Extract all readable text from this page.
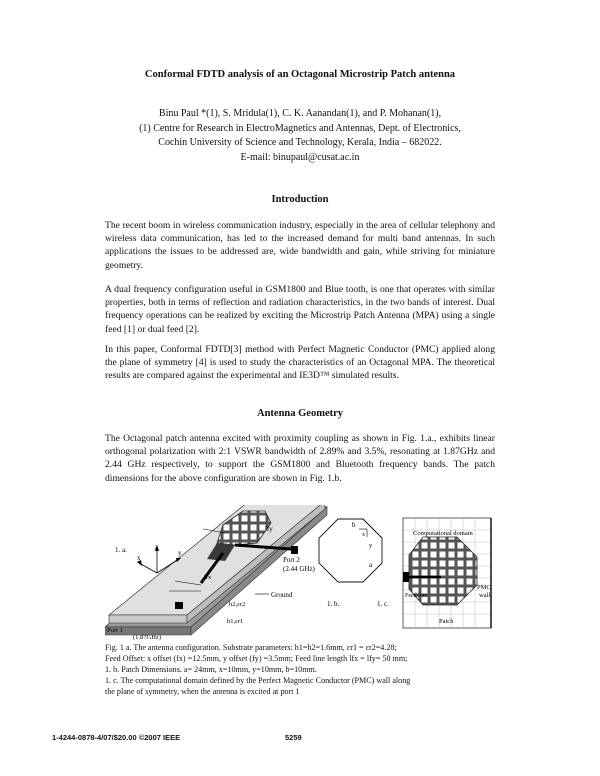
Conformal FDTD analysis of an Octagonal Microstrip Patch antenna
Binu Paul *(1), S. Mridula(1), C. K. Aanandan(1), and P. Mohanan(1),
(1) Centre for Research in ElectroMagnetics and Antennas, Dept. of Electronics,
Cochin University of Science and Technology, Kerala, India – 682022.
E-mail: binupaul@cusat.ac.in
Introduction
The recent boom in wireless communication industry, especially in the area of cellular telephony and wireless data communication, has led to the increased demand for multi band antennas. In such applications the issues to be addressed are, wide bandwidth and gain, while striving for miniature geometry.
A dual frequency configuration useful in GSM1800 and Blue tooth, is one that operates with similar properties, both in terms of reflection and radiation characteristics, in the two bands of interest. Dual frequency operations can be realized by exciting the Microstrip Patch Antenna (MPA) using a single feed [1] or dual feed [2].
In this paper, Conformal FDTD[3] method with Perfect Magnetic Conductor (PMC) applied along the plane of symmetry [4] is used to study the characteristics of an Octagonal MPA. The theoretical results are compared against the experimental and IE3D™ simulated results.
Antenna Geometry
The Octagonal patch antenna excited with proximity coupling as shown in Fig. 1.a., exhibits linear orthogonal polarization with 2:1 VSWR bandwidth of 2.89% and 3.5%, resonating at 1.87GHz and 2.44 GHz respectively, to support the GSM1800 and Bluetooth frequency bands. The patch dimensions for the above configuration are shown in Fig. 1.b.
1. a.	z
y
x
lfx
lfy
Port 2
(2.44 GHz)
Ground
h2,εr2
h1,εr1
Port 1
(1.87GHz)
b
x
y
a
1. b.	1. c.
Computational domain
PMC
wall
Feed line
Patch
Fig. 1 a. The antenna configuration. Substrate parameters: h1=h2=1.6mm, εr1 = εr2=4.28;
Feed Offset: x offset (fx) =12.5mm, y offset (fy) =3.5mm; Feed line length lfx = lfy= 50 mm;
1. b. Patch Dimensions. a= 24mm, x=10mm, y=10mm, b=10mm.
1. c. The computational domain defined by the Perfect Magnetic Conductor (PMC) wall along
the plane of symmetry, when the antenna is excited at port 1
1-4244-0878-4/07/$20.00 ©2007 IEEE	5259
